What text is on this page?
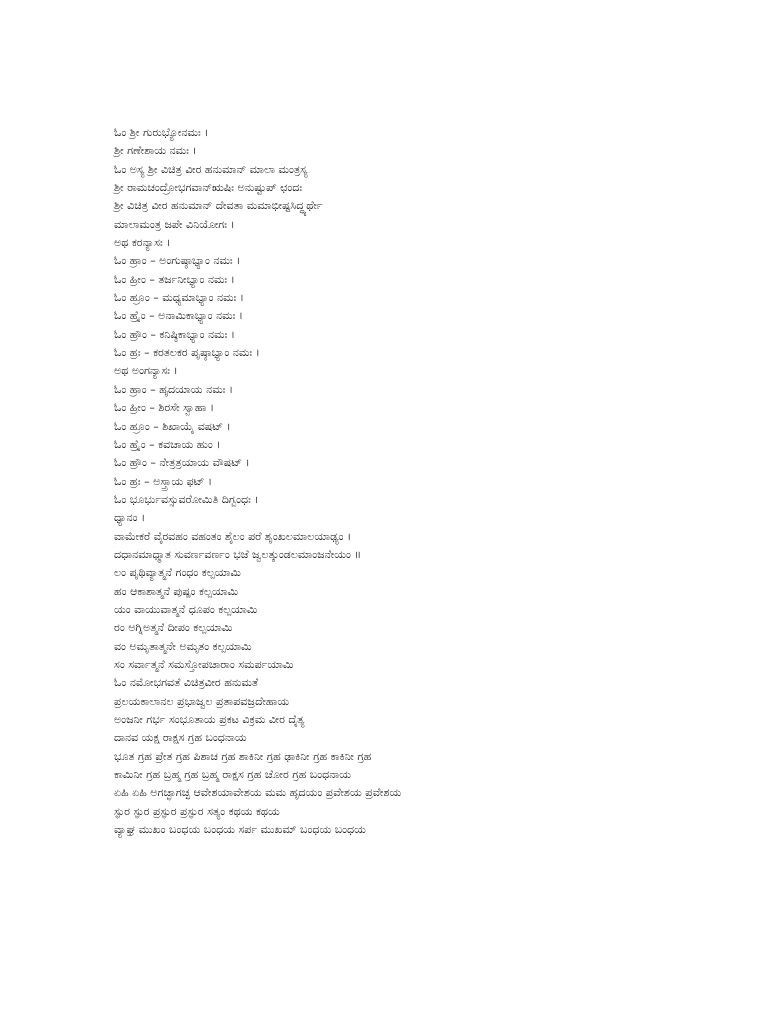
ಓಂ ಶ್ರೀ ಗುರುಭ್ಯೋನಮಃ ।
ಶ್ರೀ ಗಣೇಶಾಯ ನಮಃ ।
ಓಂ ಅಸ್ಯ ಶ್ರೀ ವಿಚಿತ್ರ ವೀರ ಹನುಮಾನ್ ಮಾಲಾ ಮಂತ್ರಸ್ಯ
ಶ್ರೀ ರಾಮಚಂದ್ರೋಭಗವಾನ್ಋಷಿಃ ಅನುಷ್ಟುಪ್ ಛಂದಃ
ಶ್ರೀ ವಿಚಿತ್ರ ವೀರ ಹನುಮಾನ್ ದೇವತಾ ಮಮಾಭೀಷ್ಟಸಿದ್ಧ್ಯರ್ಥೇ
ಮಾಲಾಮಂತ್ರ ಜಪೇ ವಿನಿಯೋಗಃ ।
ಅಥ ಕರನ್ಯಾಸಃ ।
ಓಂ ಹ್ರಾಂ – ಅಂಗುಷ್ಠಾಭ್ಯಾಂ ನಮಃ ।
ಓಂ ಹ್ರೀಂ – ತರ್ಜನೀಭ್ಯಾಂ ನಮಃ ।
ಓಂ ಹ್ರೂಂ – ಮಧ್ಯಮಾಭ್ಯಾಂ ನಮಃ ।
ಓಂ ಹ್ರೈಂ – ಅನಾಮಿಕಾಭ್ಯಾಂ ನಮಃ ।
ಓಂ ಹ್ರೌಂ – ಕನಿಷ್ಠಿಕಾಭ್ಯಾಂ ನಮಃ ।
ಓಂ ಹ್ರಃ – ಕರತಲಕರ ಪೃಷ್ಠಾಭ್ಯಾಂ ನಮಃ ।
ಅಥ ಅಂಗನ್ಯಾಸಃ ।
ಓಂ ಹ್ರಾಂ – ಹೃದಯಾಯ ನಮಃ ।
ಓಂ ಹ್ರೀಂ – ಶಿರಸೇ ಸ್ವಾಹಾ ।
ಓಂ ಹ್ರೂಂ – ಶಿಖಾಯೈ ವಷಟ್ ।
ಓಂ ಹ್ರೈಂ – ಕವಚಾಯ ಹುಂ ।
ಓಂ ಹ್ರೌಂ – ನೇತ್ರತ್ರಯಾಯ ವೌಷಟ್ ।
ಓಂ ಹ್ರಃ – ಅಸ್ತ್ರಾಯ ಫಟ್ ।
ಓಂ ಭೂರ್ಭುವಸ್ಸುವರೋಮಿತಿ ದಿಗ್ಬಂಧಃ ।
ಧ್ಯಾನಂ ।
ವಾಮೇಕರೆ ವೈರವಹಂ ವಹಂತಂ ಶೈಲಂ ಪರೆ ಶೃಂಖಲಮಾಲಯಾಢ್ಯಂ ।
ದಧಾನಮಾಧ್ಮಾತ ಸುವರ್ಣವರ್ಣಂ ಭಜೆ ಜ್ವಲತ್ಕುಂಡಲಮಾಂಜನೇಯಂ ॥
ಲಂ ಪೃಥಿವ್ಯಾತ್ಮನೆ ಗಂಧಂ ಕಲ್ಪಯಾಮಿ
ಹಂ ಆಕಾಶಾತ್ಮನೆ ಪುಷ್ಪಂ ಕಲ್ಪಯಾಮಿ
ಯಂ ವಾಯುವಾತ್ಮನೆ ಧೂಪಂ ಕಲ್ಪಯಾಮಿ
ರಂ ಅಗ್ನಿಅತ್ಮನೆ ದೀಪಂ ಕಲ್ಪಯಾಮಿ
ವಂ ಅಮೃತಾತ್ಮನೇ ಅಮೃತಂ ಕಲ್ಪಯಾಮಿ
ಸಂ ಸರ್ವಾತ್ಮನೆ ಸಮಸ್ತೋಪಚಾರಾಂ ಸಮರ್ಪಯಾಮಿ
ಓಂ ನಮೋಭಗವತೆ ವಿಚಿತ್ರವೀರ ಹನುಮತೆ
ಪ್ರಲಯಕಾಲಾನಲ ಪ್ರಭಾಜ್ವಲ ಪ್ರತಾಪವಜ್ರದೇಹಾಯ
ಅಂಜನೀ ಗರ್ಭ ಸಂಭೂತಾಯ ಪ್ರಕಟ ವಿಕ್ರಮ ವೀರ ದೈತ್ಯ
ದಾನವ ಯಕ್ಷ ರಾಕ್ಷಸ ಗ್ರಹ ಬಂಧನಾಯ
ಭೂತ ಗ್ರಹ ಪ್ರೇತ ಗ್ರಹ ಪಿಶಾಚ ಗ್ರಹ ಶಾಕಿನೀ ಗ್ರಹ ಢಾಕಿನೀ ಗ್ರಹ ಕಾಕಿನೀ ಗ್ರಹ
ಕಾಮಿನೀ ಗ್ರಹ ಬ್ರಹ್ಮ ಗ್ರಹ ಬ್ರಹ್ಮ ರಾಕ್ಷಸ ಗ್ರಹ ಚೋರ ಗ್ರಹ ಬಂಧನಾಯ
ಏಹಿ ಏಹಿ ಅಗಚ್ಛಾಗಚ್ಛ ಆವೇಶಯಾವೇಶಯ ಮಮ ಹೃದಯಂ ಪ್ರವೇಶಯ ಪ್ರವೇಶಯ
ಸ್ಫುರ ಸ್ಫುರ ಪ್ರಸ್ಫುರ ಪ್ರಸ್ಫುರ ಸತ್ಯಂ ಕಥಯ ಕಥಯ
ವ್ಯಾಘ್ರ ಮುಖಂ ಬಂಧಯ ಬಂಧಯ ಸರ್ಪ ಮುಖಮ್ ಬಂಧಯ ಬಂಧಯ
